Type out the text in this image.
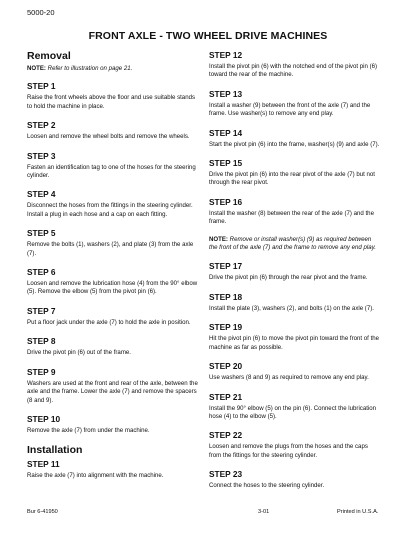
5000-20
FRONT AXLE - TWO WHEEL DRIVE MACHINES
Removal

NOTE: Refer to illustration on page 21.

STEP 1

Raise the front wheels above the floor and use suitable stands to hold the machine in place.

STEP 2

Loosen and remove the wheel bolts and remove the wheels.

STEP 3

Fasten an identification tag to one of the hoses for the steering cylinder.

STEP 4

Disconnect the hoses from the fittings in the steering cylinder. Install a plug in each hose and a cap on each fitting.

STEP 5

Remove the bolts (1), washers (2), and plate (3) from the axle (7).

STEP 6

Loosen and remove the lubrication hose (4) from the 90° elbow (5). Remove the elbow (5) from the pivot pin (6).

STEP 7

Put a floor jack under the axle (7) to hold the axle in position.

STEP 8

Drive the pivot pin (6) out of the frame.

STEP 9

Washers are used at the front and rear of the axle, between the axle and the frame. Lower the axle (7) and remove the spacers (8 and 9).

STEP 10

Remove the axle (7) from under the machine.

Installation
STEP 11

Raise the axle (7) into alignment with the machine.

STEP 12

Install the pivot pin (6) with the notched end of the pivot pin (6) toward the rear of the machine.

STEP 13

Install a washer (9) between the front of the axle (7) and the frame. Use washer(s) to remove any end play.

STEP 14

Start the pivot pin (6) into the frame, washer(s) (9) and axle (7).

STEP 15

Drive the pivot pin (6) into the rear pivot of the axle (7) but not through the rear pivot.

STEP 16

Install the washer (8) between the rear of the axle (7) and the frame.

NOTE: Remove or install washer(s) (9) as required between the front of the axle (7) and the frame to remove any end play.

STEP 17

Drive the pivot pin (6) through the rear pivot and the frame.

STEP 18

Install the plate (3), washers (2), and bolts (1) on the axle (7).

STEP 19

Hit the pivot pin (6) to move the pivot pin toward the front of the machine as far as possible.

STEP 20

Use washers (8 and 9) as required to remove any end play.

STEP 21

Install the 90° elbow (5) on the pin (6). Connect the lubrication hose (4) to the elbow (5).

STEP 22

Loosen and remove the plugs from the hoses and the caps from the fittings for the steering cylinder.

STEP 23

Connect the hoses to the steering cylinder.

Bur 6-41950	3-01	Printed in U.S.A.
